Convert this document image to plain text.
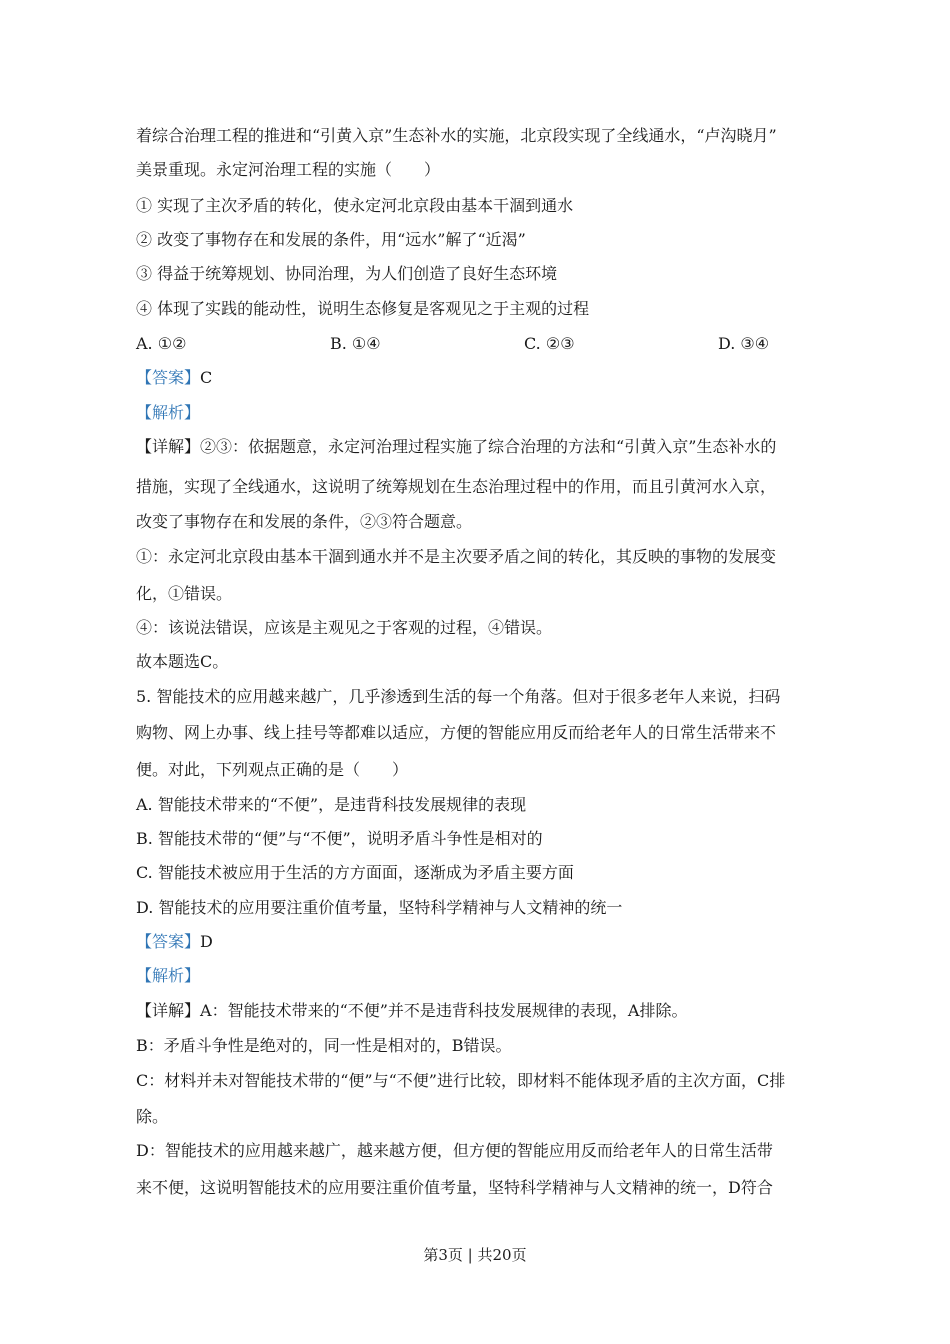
着综合治理工程的推进和“引黄入京”生态补水的实施，北京段实现了全线通水，“卢沟晓月”
美景重现。永定河治理工程的实施（　　）
① 实现了主次矛盾的转化，使永定河北京段由基本干涸到通水
② 改变了事物存在和发展的条件，用“远水”解了“近渴”
③ 得益于统筹规划、协同治理，为人们创造了良好生态环境
④ 体现了实践的能动性，说明生态修复是客观见之于主观的过程
A. ①②	B. ①④	C. ②③	D. ③④
【答案】C
【解析】
【详解】②③：依据题意，永定河治理过程实施了综合治理的方法和“引黄入京”生态补水的
措施，实现了全线通水，这说明了统筹规划在生态治理过程中的作用，而且引黄河水入京，
改变了事物存在和发展的条件，②③符合题意。
①：永定河北京段由基本干涸到通水并不是主次要矛盾之间的转化，其反映的事物的发展变
化，①错误。
④：该说法错误，应该是主观见之于客观的过程，④错误。
故本题选C。
5. 智能技术的应用越来越广，几乎渗透到生活的每一个角落。但对于很多老年人来说，扫码
购物、网上办事、线上挂号等都难以适应，方便的智能应用反而给老年人的日常生活带来不
便。对此，下列观点正确的是（　　）
A. 智能技术带来的“不便”，是违背科技发展规律的表现
B. 智能技术带的“便”与“不便”，说明矛盾斗争性是相对的
C. 智能技术被应用于生活的方方面面，逐渐成为矛盾主要方面
D. 智能技术的应用要注重价值考量，坚特科学精神与人文精神的统一
【答案】D
【解析】
【详解】A：智能技术带来的“不便”并不是违背科技发展规律的表现，A排除。
B：矛盾斗争性是绝对的，同一性是相对的，B错误。
C：材料并未对智能技术带的“便”与“不便”进行比较，即材料不能体现矛盾的主次方面，C排
除。
D：智能技术的应用越来越广，越来越方便，但方便的智能应用反而给老年人的日常生活带
来不便，这说明智能技术的应用要注重价值考量，坚特科学精神与人文精神的统一，D符合
第3页 | 共20页
